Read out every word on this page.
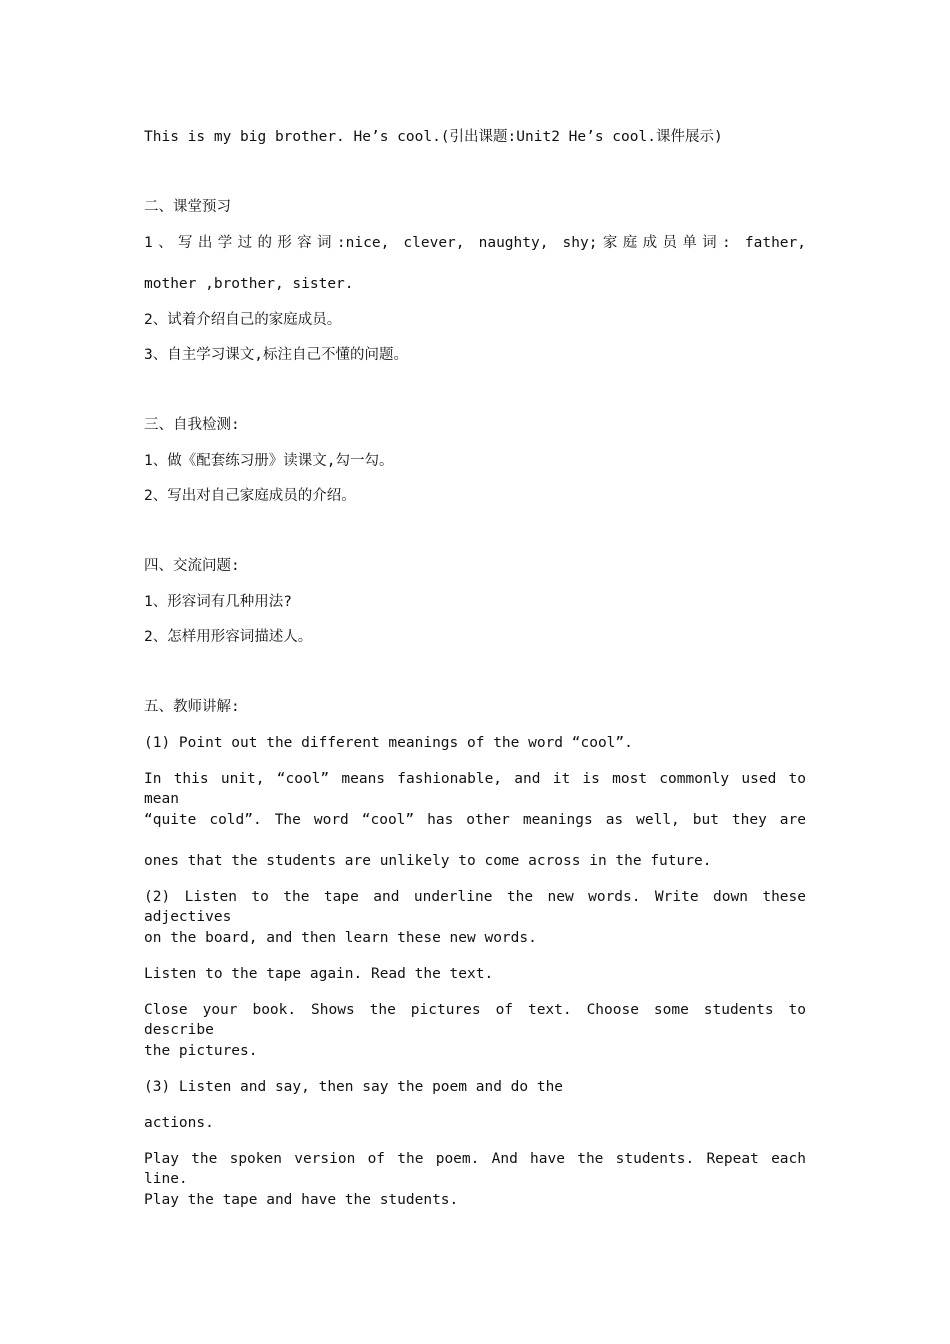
This is my big brother. He’s cool.(引出课题:Unit2 He’s cool.课件展示)
二、课堂预习
1、写出学过的形容词:nice, clever, naughty, shy;家庭成员单词: father,
mother ,brother, sister.
2、试着介绍自己的家庭成员。
3、自主学习课文,标注自己不懂的问题。
三、自我检测:
1、做《配套练习册》读课文,勾一勾。
2、写出对自己家庭成员的介绍。
四、交流问题:
1、形容词有几种用法?
2、怎样用形容词描述人。
五、教师讲解:
(1) Point out the different meanings of the word “cool”.
In this unit, “cool” means fashionable, and it is most commonly used to mean
“quite cold”. The word “cool” has other meanings as well, but they are
ones that the students are unlikely to come across in the future.
(2) Listen to the tape and underline the new words. Write down these adjectives
on the board, and then learn these new words.
Listen to the tape again. Read the text.
Close your book. Shows the pictures of text. Choose some students to describe
the pictures.
(3) Listen and say, then say the poem and do the
actions.
Play the spoken version of the poem. And have the students. Repeat each line.
Play the tape and have the students.
